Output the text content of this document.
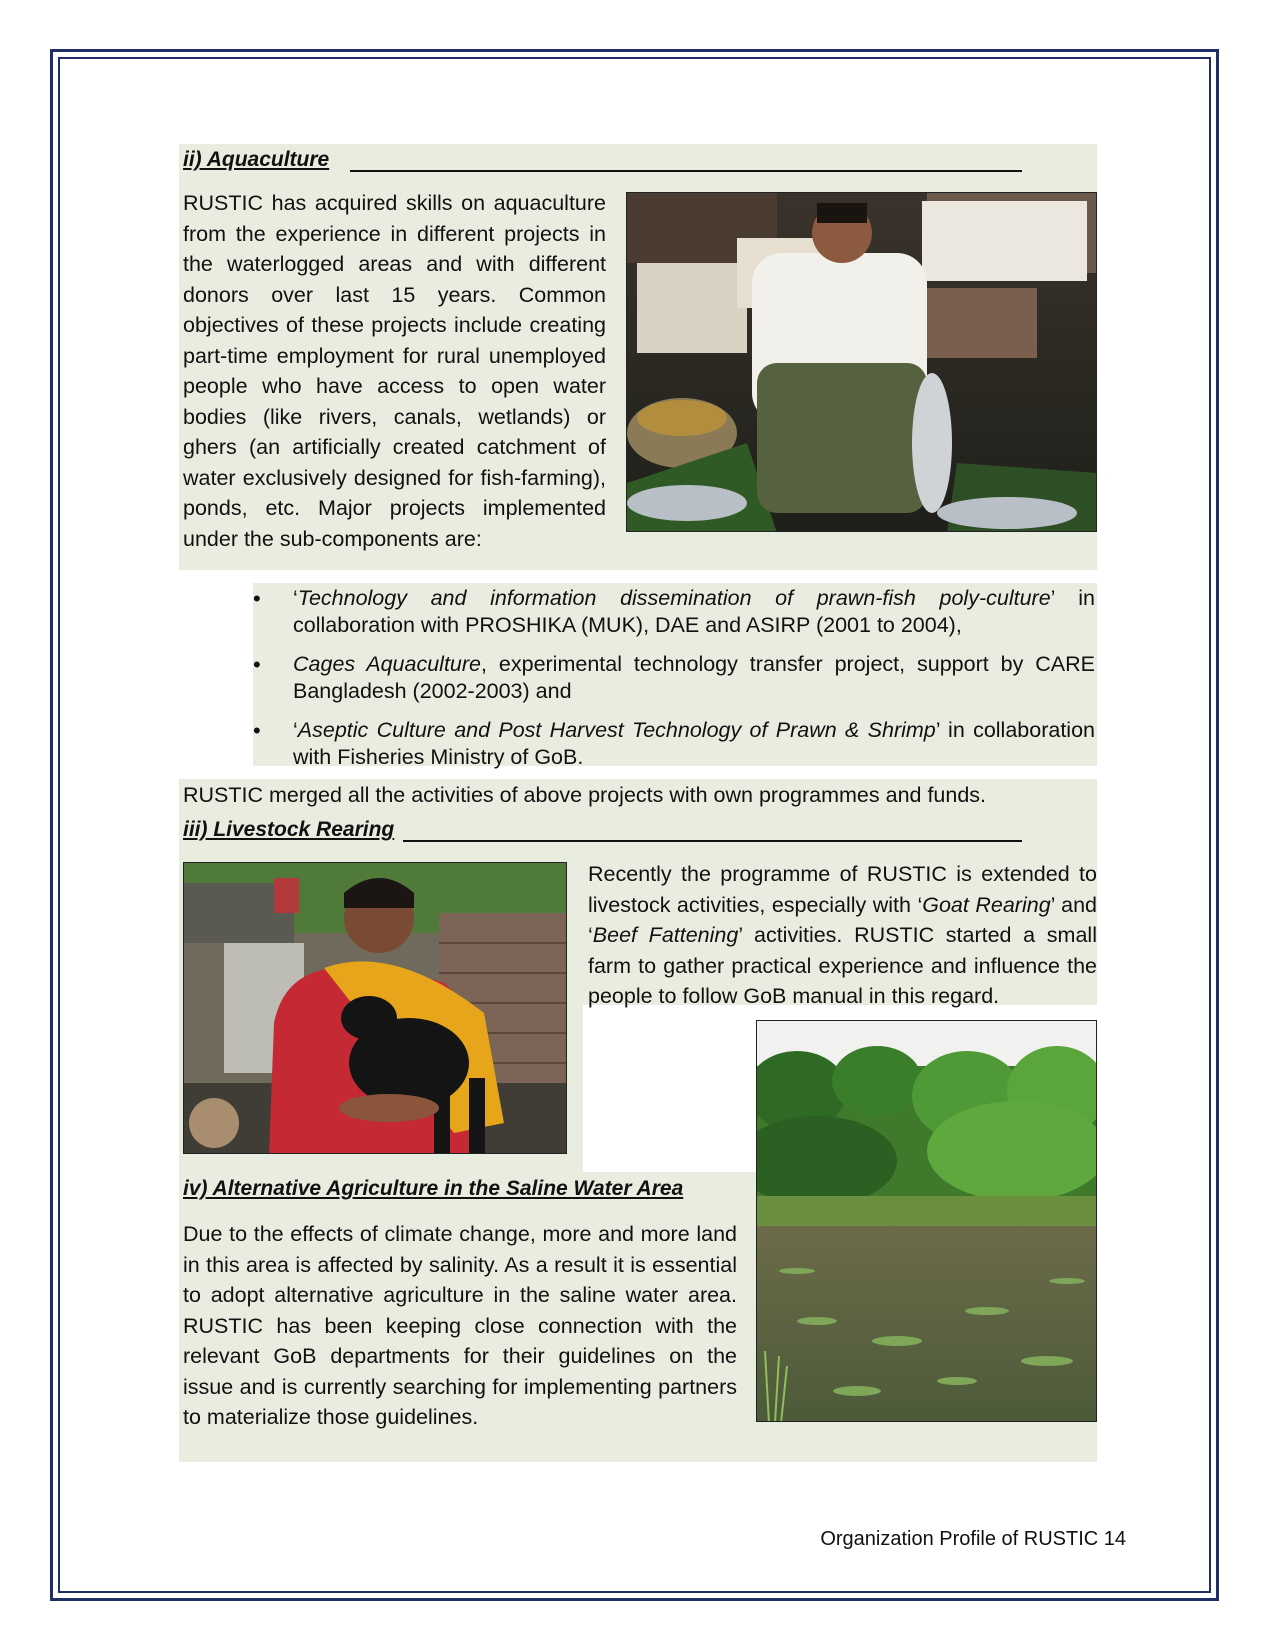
ii) Aquaculture

RUSTIC has acquired skills on aquaculture from the experience in different projects in the waterlogged areas and with different donors over last 15 years. Common objectives of these projects include creating part-time employment for rural unemployed people who have access to open water bodies (like rivers, canals, wetlands) or ghers (an artificially created catchment of water exclusively designed for fish-farming), ponds, etc. Major projects implemented under the sub-components are:

• ‘Technology and information dissemination of prawn-fish poly-culture’ in collaboration with PROSHIKA (MUK), DAE and ASIRP (2001 to 2004),
• Cages Aquaculture, experimental technology transfer project, support by CARE Bangladesh (2002-2003) and
• ‘Aseptic Culture and Post Harvest Technology of Prawn & Shrimp’ in collaboration with Fisheries Ministry of GoB.

RUSTIC merged all the activities of above projects with own programmes and funds.

iii) Livestock Rearing

Recently the programme of RUSTIC is extended to livestock activities, especially with ‘Goat Rearing’ and ‘Beef Fattening’ activities. RUSTIC started a small farm to gather practical experience and influence the people to follow GoB manual in this regard.

iv) Alternative Agriculture in the Saline Water Area

Due to the effects of climate change, more and more land in this area is affected by salinity. As a result it is essential to adopt alternative agriculture in the saline water area. RUSTIC has been keeping close connection with the relevant GoB departments for their guidelines on the issue and is currently searching for implementing partners to materialize those guidelines.

Organization Profile of RUSTIC 14
